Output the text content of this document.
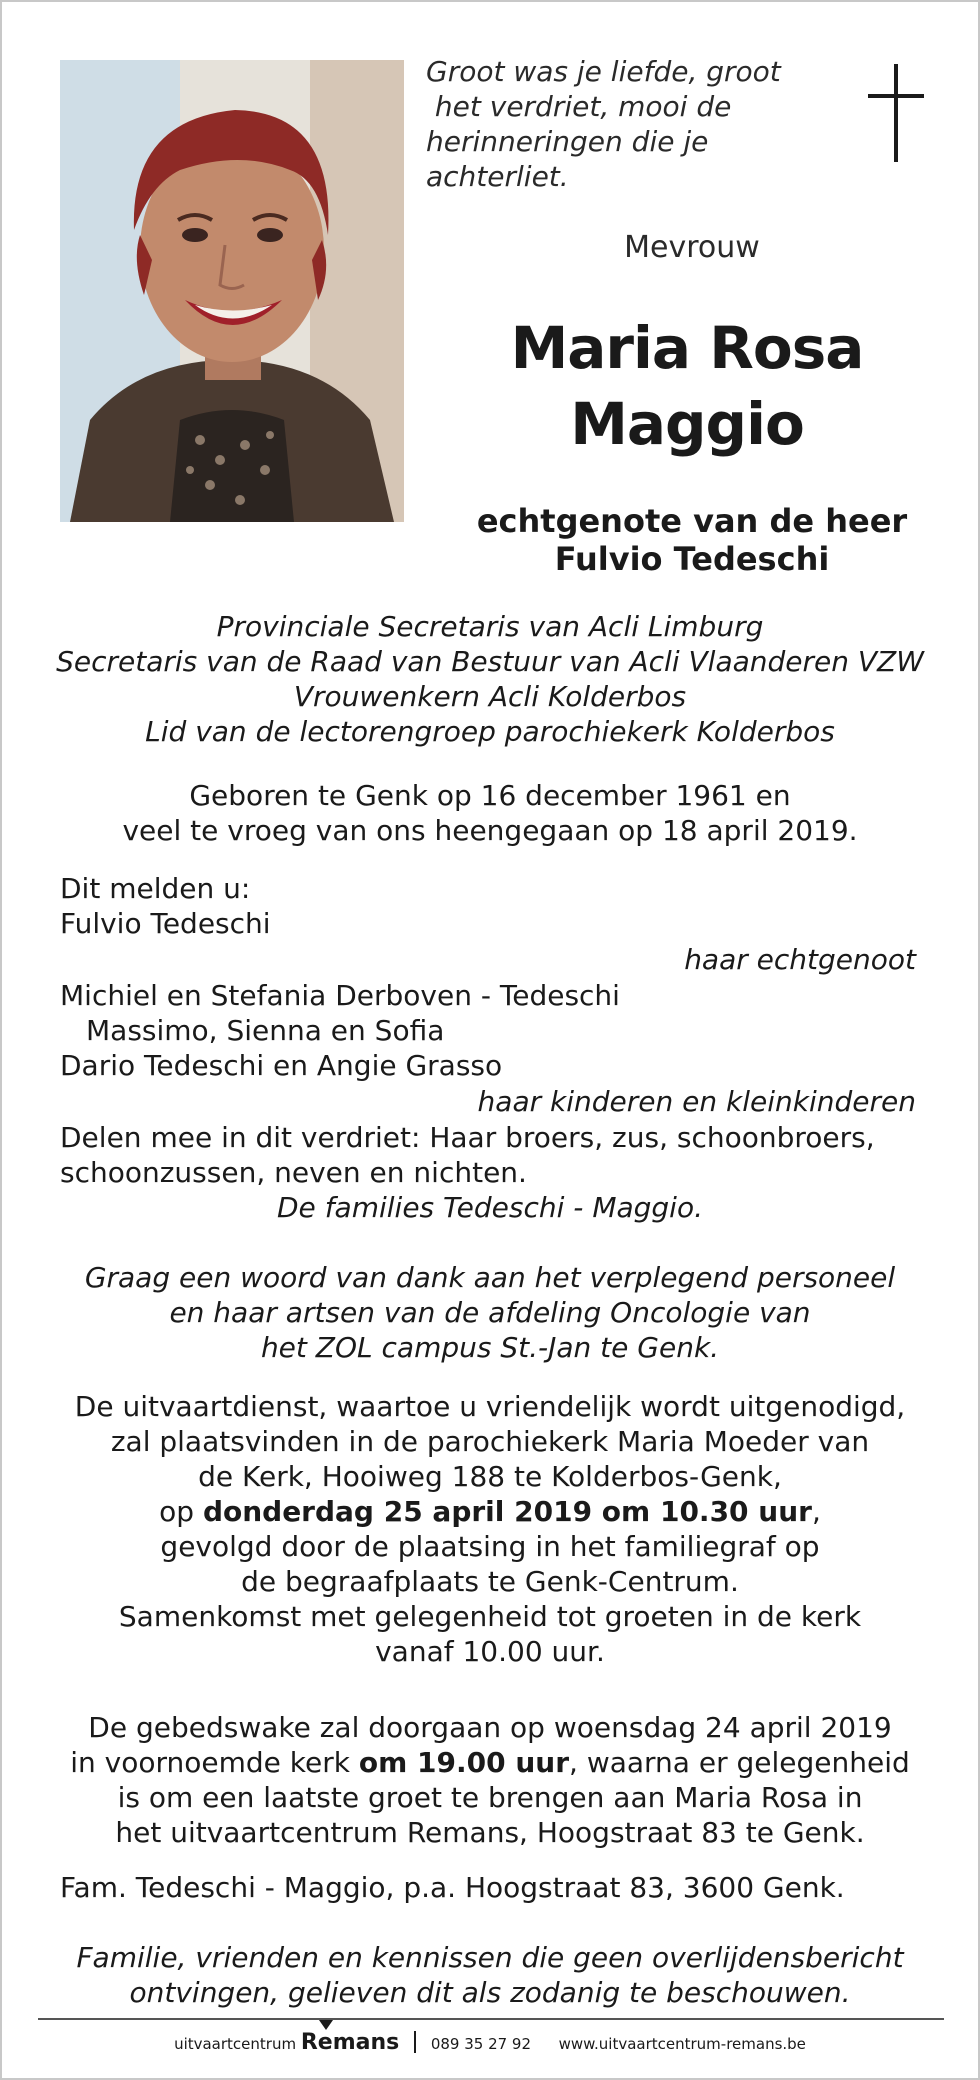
Groot was je liefde, groot
het verdriet, mooi de
herinneringen die je
achterliet.
Mevrouw
Maria Rosa
Maggio
echtgenote van de heer
Fulvio Tedeschi
Provinciale Secretaris van Acli Limburg
Secretaris van de Raad van Bestuur van Acli Vlaanderen VZW
Vrouwenkern Acli Kolderbos
Lid van de lectorengroep parochiekerk Kolderbos
Geboren te Genk op 16 december 1961 en
veel te vroeg van ons heengegaan op 18 april 2019.
Dit melden u:
Fulvio Tedeschi
haar echtgenoot
Michiel en Stefania Derboven - Tedeschi
Massimo, Sienna en Sofia
Dario Tedeschi en Angie Grasso
haar kinderen en kleinkinderen
Delen mee in dit verdriet: Haar broers, zus, schoonbroers,
schoonzussen, neven en nichten.
De families Tedeschi - Maggio.
Graag een woord van dank aan het verplegend personeel
en haar artsen van de afdeling Oncologie van
het ZOL campus St.-Jan te Genk.
De uitvaartdienst, waartoe u vriendelijk wordt uitgenodigd,
zal plaatsvinden in de parochiekerk Maria Moeder van
de Kerk, Hooiweg 188 te Kolderbos-Genk,
op donderdag 25 april 2019 om 10.30 uur,
gevolgd door de plaatsing in het familiegraf op
de begraafplaats te Genk-Centrum.
Samenkomst met gelegenheid tot groeten in de kerk
vanaf 10.00 uur.
De gebedswake zal doorgaan op woensdag 24 april 2019
in voornoemde kerk om 19.00 uur, waarna er gelegenheid
is om een laatste groet te brengen aan Maria Rosa in
het uitvaartcentrum Remans, Hoogstraat 83 te Genk.
Fam. Tedeschi - Maggio, p.a. Hoogstraat 83, 3600 Genk.
Familie, vrienden en kennissen die geen overlijdensbericht
ontvingen, gelieven dit als zodanig te beschouwen.
uitvaartcentrum Remans 089 35 27 92 www.uitvaartcentrum-remans.be
